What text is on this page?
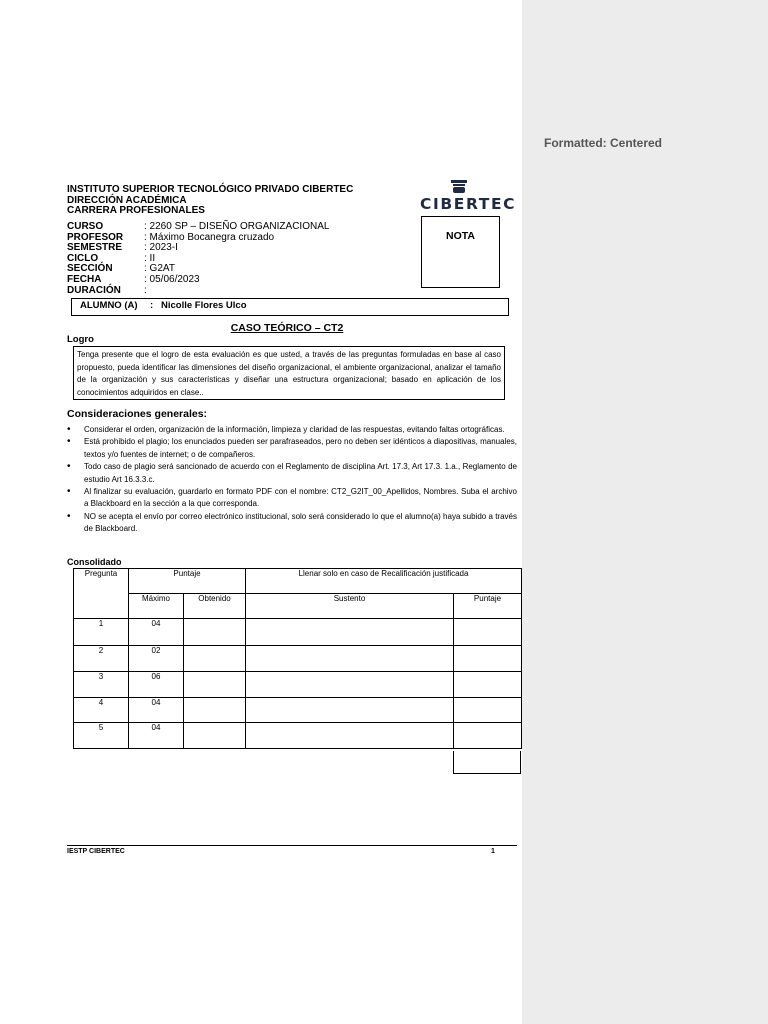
INSTITUTO SUPERIOR TECNOLÓGICO PRIVADO CIBERTEC
DIRECCIÓN ACADÉMICA
CARRERA PROFESIONALES	CIBERTEC
NOTA
CURSO	: 2260 SP – DISEÑO ORGANIZACIONAL
PROFESOR : Máximo Bocanegra cruzado
SEMESTRE : 2023-I
CICLO	: II
SECCIÓN	: G2AT
FECHA	: 05/06/2023
DURACIÓN :
ALUMNO (A) : Nicolle Flores Ulco
CASO TEÓRICO – CT2
Logro
Tenga presente que el logro de esta evaluación es que usted, a través de las preguntas formuladas en base al caso propuesto, pueda identificar las dimensiones del diseño organizacional, el ambiente organizacional, analizar el tamaño de la organización y sus características y diseñar una estructura organizacional; basado en aplicación de los conocimientos adquiridos en clase..
Consideraciones generales:
• Considerar el orden, organización de la información, limpieza y claridad de las respuestas, evitando faltas ortográficas.
• Está prohibido el plagio; los enunciados pueden ser parafraseados, pero no deben ser idénticos a diapositivas, manuales, textos y/o fuentes de internet; o de compañeros.
• Todo caso de plagio será sancionado de acuerdo con el Reglamento de disciplina Art. 17.3, Art 17.3. 1.a., Reglamento de estudio Art 16.3.3.c.
• Al finalizar su evaluación, guardarlo en formato PDF con el nombre: CT2_G2IT_00_Apellidos, Nombres. Suba el archivo a Blackboard en la sección a la que corresponda.
• NO se acepta el envío por correo electrónico institucional, solo será considerado lo que el alumno(a) haya subido a través de Blackboard.
Consolidado
Pregunta	Puntaje		Llenar solo en caso de Recalificación justificada	
	Máximo	Obtenido	Sustento	Puntaje
1	04			
2	02			
3	06			
4	04			
5	04			
IESTP CIBERTEC	1
Formatted: Centered
